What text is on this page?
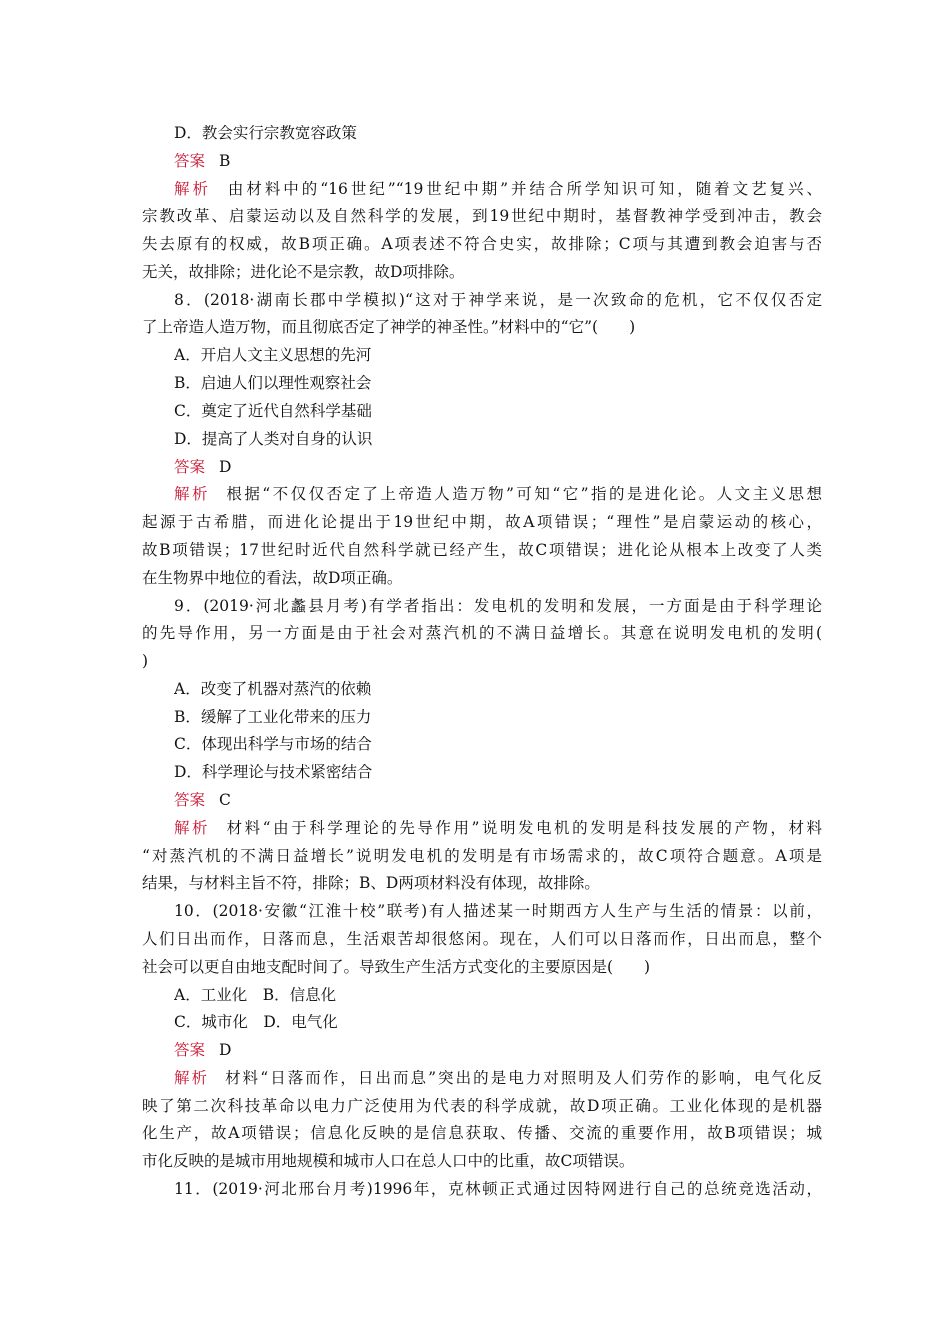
D．教会实行宗教宽容政策
答案 B
解析 由材料中的“16世纪”“19世纪中期”并结合所学知识可知，随着文艺复兴、
宗教改革、启蒙运动以及自然科学的发展，到19世纪中期时，基督教神学受到冲击，教会
失去原有的权威，故B项正确。A项表述不符合史实，故排除；C项与其遭到教会迫害与否
无关，故排除；进化论不是宗教，故D项排除。
8．(2018·湖南长郡中学模拟)“这对于神学来说，是一次致命的危机，它不仅仅否定
了上帝造人造万物，而且彻底否定了神学的神圣性。”材料中的“它”(　　)
A．开启人文主义思想的先河
B．启迪人们以理性观察社会
C．奠定了近代自然科学基础
D．提高了人类对自身的认识
答案 D
解析 根据“不仅仅否定了上帝造人造万物”可知“它”指的是进化论。人文主义思想
起源于古希腊，而进化论提出于19世纪中期，故A项错误；“理性”是启蒙运动的核心，
故B项错误；17世纪时近代自然科学就已经产生，故C项错误；进化论从根本上改变了人类
在生物界中地位的看法，故D项正确。
9．(2019·河北蠡县月考)有学者指出：发电机的发明和发展，一方面是由于科学理论
的先导作用，另一方面是由于社会对蒸汽机的不满日益增长。其意在说明发电机的发明(
)
A．改变了机器对蒸汽的依赖
B．缓解了工业化带来的压力
C．体现出科学与市场的结合
D．科学理论与技术紧密结合
答案 C
解析 材料“由于科学理论的先导作用”说明发电机的发明是科技发展的产物，材料
“对蒸汽机的不满日益增长”说明发电机的发明是有市场需求的，故C项符合题意。A项是
结果，与材料主旨不符，排除；B、D两项材料没有体现，故排除。
10．(2018·安徽“江淮十校”联考)有人描述某一时期西方人生产与生活的情景：以前，
人们日出而作，日落而息，生活艰苦却很悠闲。现在，人们可以日落而作，日出而息，整个
社会可以更自由地支配时间了。导致生产生活方式变化的主要原因是(　　)
A．工业化　B．信息化
C．城市化　D．电气化
答案 D
解析 材料“日落而作，日出而息”突出的是电力对照明及人们劳作的影响，电气化反
映了第二次科技革命以电力广泛使用为代表的科学成就，故D项正确。工业化体现的是机器
化生产，故A项错误；信息化反映的是信息获取、传播、交流的重要作用，故B项错误；城
市化反映的是城市用地规模和城市人口在总人口中的比重，故C项错误。
11．(2019·河北邢台月考)1996年，克林顿正式通过因特网进行自己的总统竞选活动，
